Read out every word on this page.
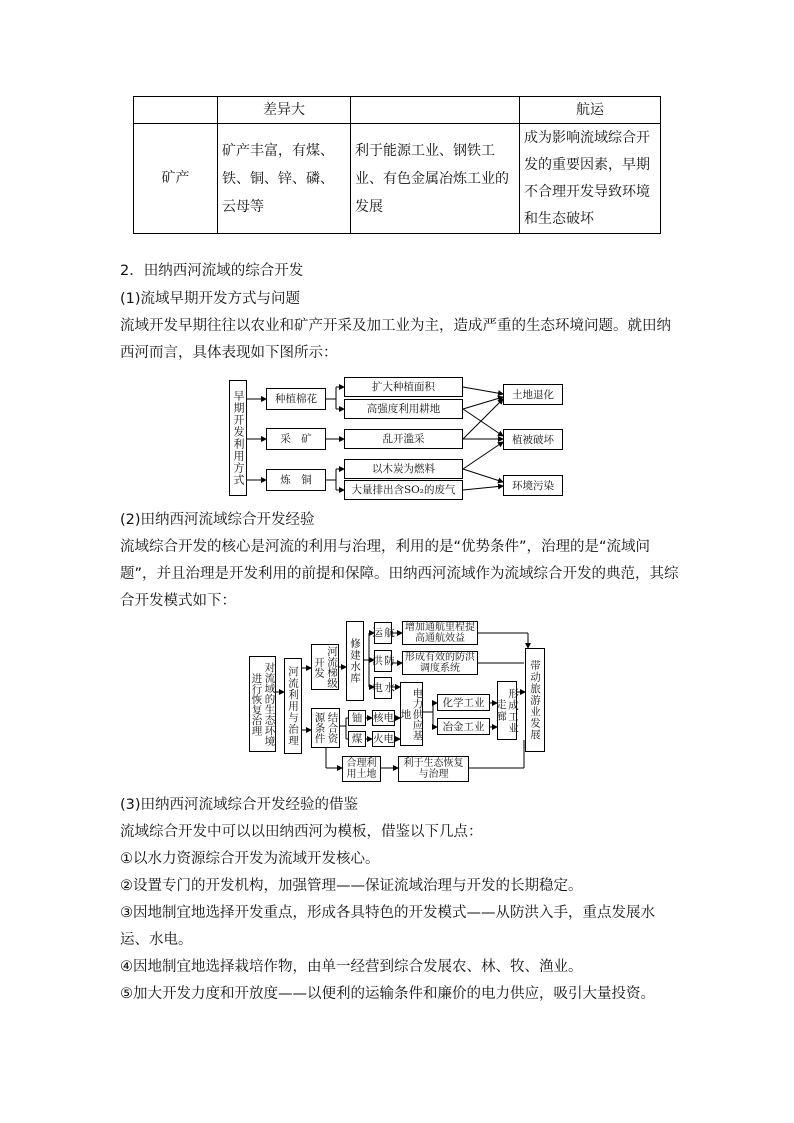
	差异大		航运
矿产	矿产丰富，有煤、铁、铜、锌、磷、云母等	利于能源工业、钢铁工业、有色金属冶炼工业的发展	成为影响流域综合开发的重要因素，早期不合理开发导致环境和生态破坏
2．田纳西河流域的综合开发
(1)流域早期开发方式与问题
流域开发早期往往以农业和矿产开采及加工业为主，造成严重的生态环境问题。就田纳西河而言，具体表现如下图所示：
早期开发利用方式	种植棉花
采　矿
炼　铜
扩大种植面积
高强度利用耕地
乱开滥采
以木炭为燃料
大量排出含SO₂的废气
土地退化
植被破坏
环境污染
(2)田纳西河流域综合开发经验
流域综合开发的核心是河流的利用与治理，利用的是“优势条件”，治理的是“流域问题”，并且治理是开发利用的前提和保障。田纳西河流域作为流域综合开发的典范，其综合开发模式如下：
对流域的生态环境进行恢复治理	河流利用与治理	河流梯级开发	修建水库
航运	增加通航里程提高通航效益
防洪	形成有效的防洪调度系统
水电
结合资源条件	铀	核电
煤	火电	电力供应基地
化学工业
冶金工业	形成工业走廊	带动旅游业发展
合理利用土地
利于生态恢复与治理
(3)田纳西河流域综合开发经验的借鉴
流域综合开发中可以以田纳西河为模板，借鉴以下几点：
①以水力资源综合开发为流域开发核心。
②设置专门的开发机构，加强管理——保证流域治理与开发的长期稳定。
③因地制宜地选择开发重点，形成各具特色的开发模式——从防洪入手，重点发展水运、水电。
④因地制宜地选择栽培作物，由单一经营到综合发展农、林、牧、渔业。
⑤加大开发力度和开放度——以便利的运输条件和廉价的电力供应，吸引大量投资。
